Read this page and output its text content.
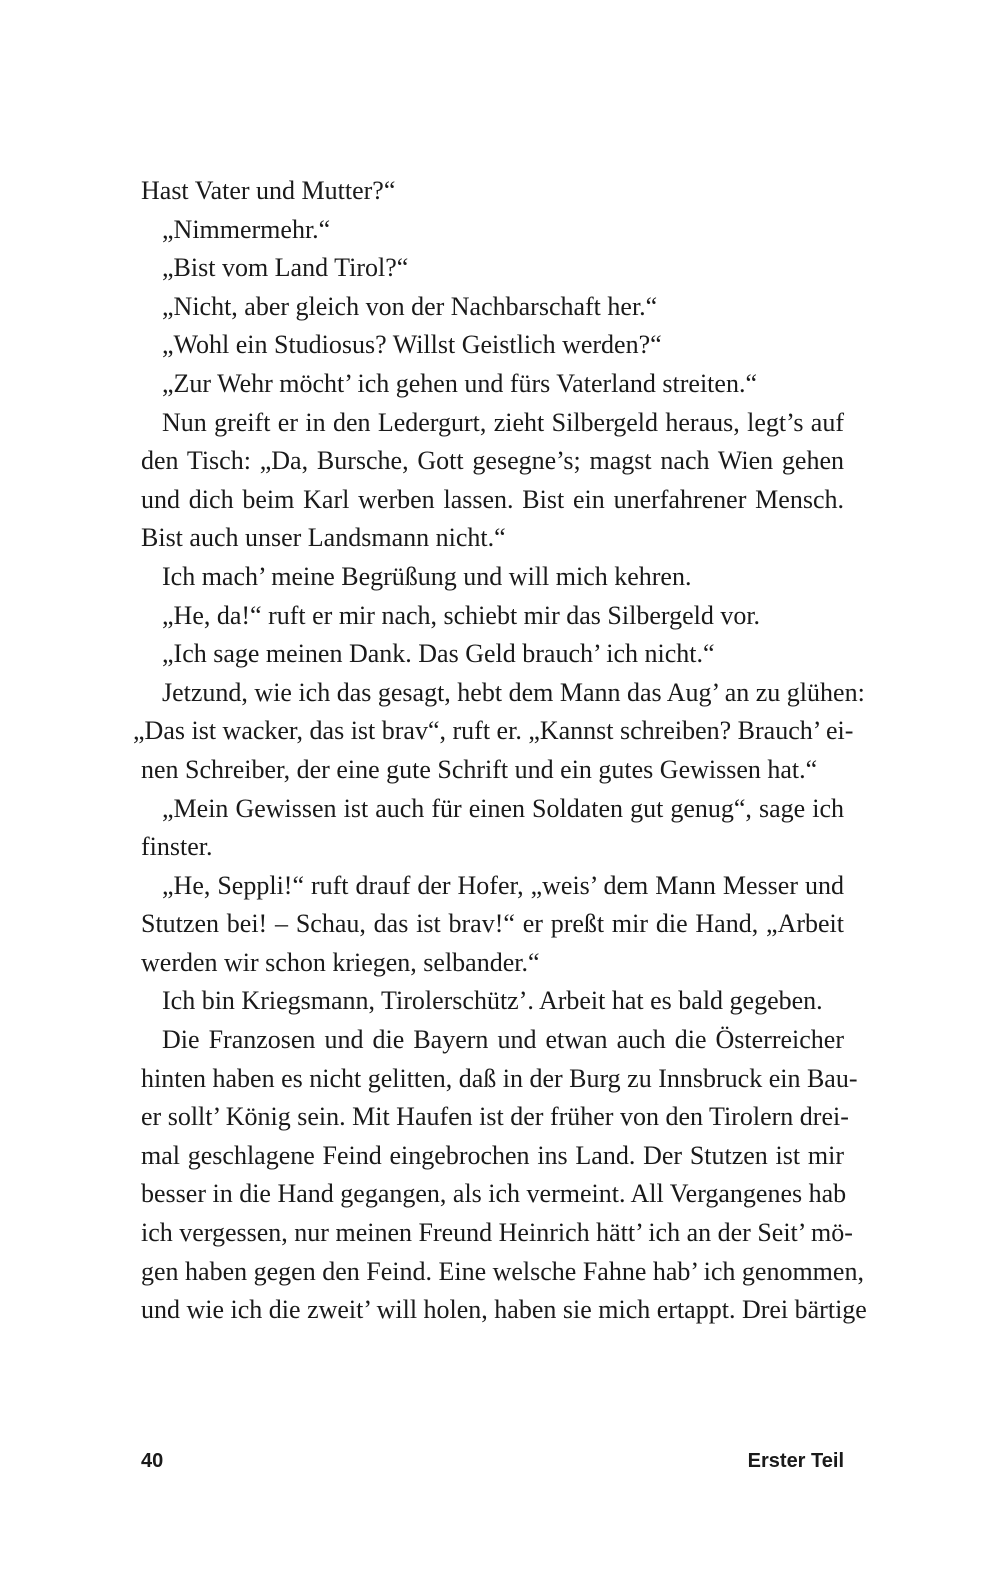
Hast Vater und Mutter?“
„Nimmermehr.“
„Bist vom Land Tirol?“
„Nicht, aber gleich von der Nachbarschaft her.“
„Wohl ein Studiosus? Willst Geistlich werden?“
„Zur Wehr möcht’ ich gehen und fürs Vaterland streiten.“
Nun greift er in den Ledergurt, zieht Silbergeld heraus, legt’s auf
den Tisch: „Da, Bursche, Gott gesegne’s; magst nach Wien gehen
und dich beim Karl werben lassen. Bist ein unerfahrener Mensch.
Bist auch unser Landsmann nicht.“
Ich mach’ meine Begrüßung und will mich kehren.
„He, da!“ ruft er mir nach, schiebt mir das Silbergeld vor.
„Ich sage meinen Dank. Das Geld brauch’ ich nicht.“
Jetzund, wie ich das gesagt, hebt dem Mann das Aug’ an zu glühen:
„Das ist wacker, das ist brav“, ruft er. „Kannst schreiben? Brauch’ ei-
nen Schreiber, der eine gute Schrift und ein gutes Gewissen hat.“
„Mein Gewissen ist auch für einen Soldaten gut genug“, sage ich
finster.
„He, Seppli!“ ruft drauf der Hofer, „weis’ dem Mann Messer und
Stutzen bei! – Schau, das ist brav!“ er preßt mir die Hand, „Arbeit
werden wir schon kriegen, selbander.“
Ich bin Kriegsmann, Tirolerschütz’. Arbeit hat es bald gegeben.
Die Franzosen und die Bayern und etwan auch die Österreicher
hinten haben es nicht gelitten, daß in der Burg zu Innsbruck ein Bau-
er sollt’ König sein. Mit Haufen ist der früher von den Tirolern drei-
mal geschlagene Feind eingebrochen ins Land. Der Stutzen ist mir
besser in die Hand gegangen, als ich vermeint. All Vergangenes hab
ich vergessen, nur meinen Freund Heinrich hätt’ ich an der Seit’ mö-
gen haben gegen den Feind. Eine welsche Fahne hab’ ich genommen,
und wie ich die zweit’ will holen, haben sie mich ertappt. Drei bärtige
40	Erster Teil
